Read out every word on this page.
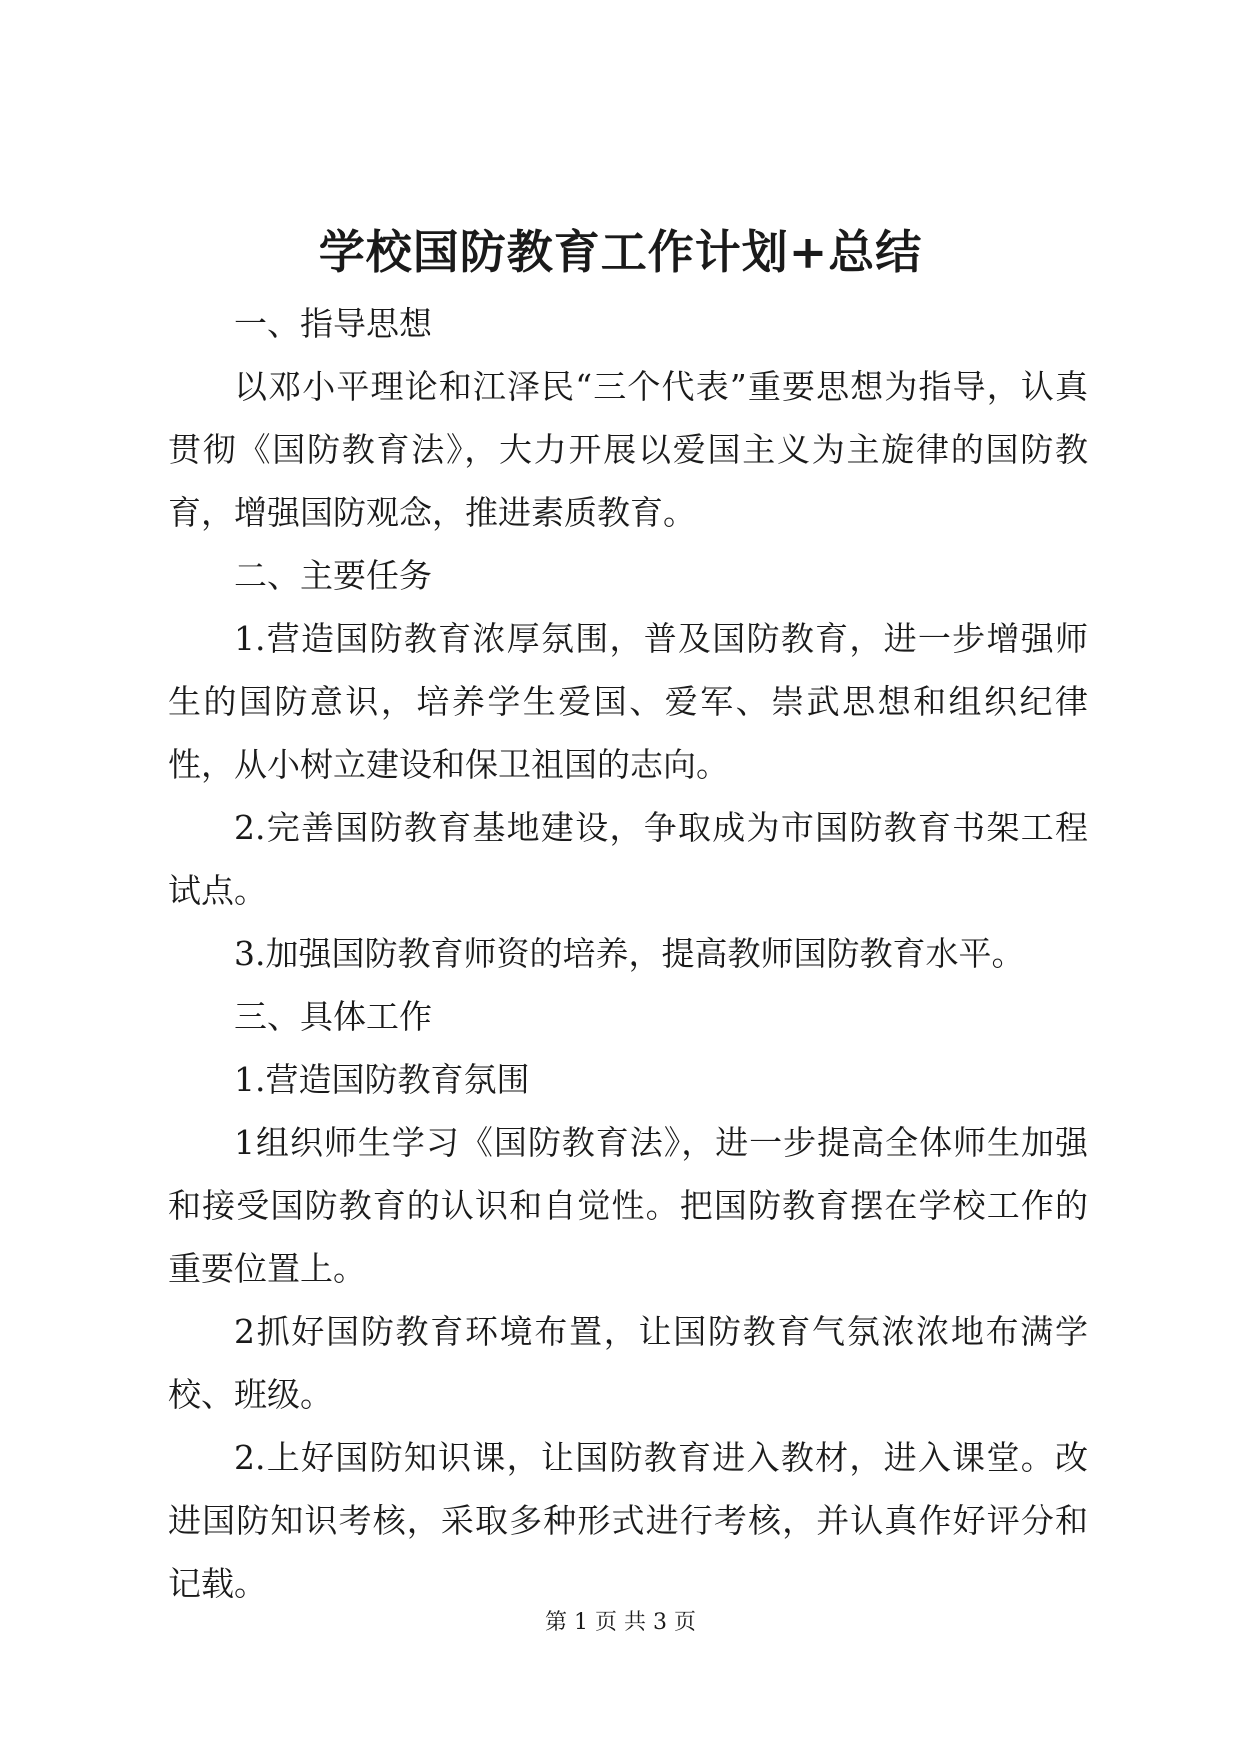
学校国防教育工作计划+总结

一、指导思想

以邓小平理论和江泽民“三个代表”重要思想为指导，认真贯彻《国防教育法》，大力开展以爱国主义为主旋律的国防教育，增强国防观念，推进素质教育。

二、主要任务

1.营造国防教育浓厚氛围，普及国防教育，进一步增强师生的国防意识，培养学生爱国、爱军、崇武思想和组织纪律性，从小树立建设和保卫祖国的志向。

2.完善国防教育基地建设，争取成为市国防教育书架工程试点。

3.加强国防教育师资的培养，提高教师国防教育水平。

三、具体工作

1.营造国防教育氛围

1组织师生学习《国防教育法》，进一步提高全体师生加强和接受国防教育的认识和自觉性。把国防教育摆在学校工作的重要位置上。

2抓好国防教育环境布置，让国防教育气氛浓浓地布满学校、班级。

2.上好国防知识课，让国防教育进入教材，进入课堂。改进国防知识考核，采取多种形式进行考核，并认真作好评分和记载。

第 1 页 共 3 页
